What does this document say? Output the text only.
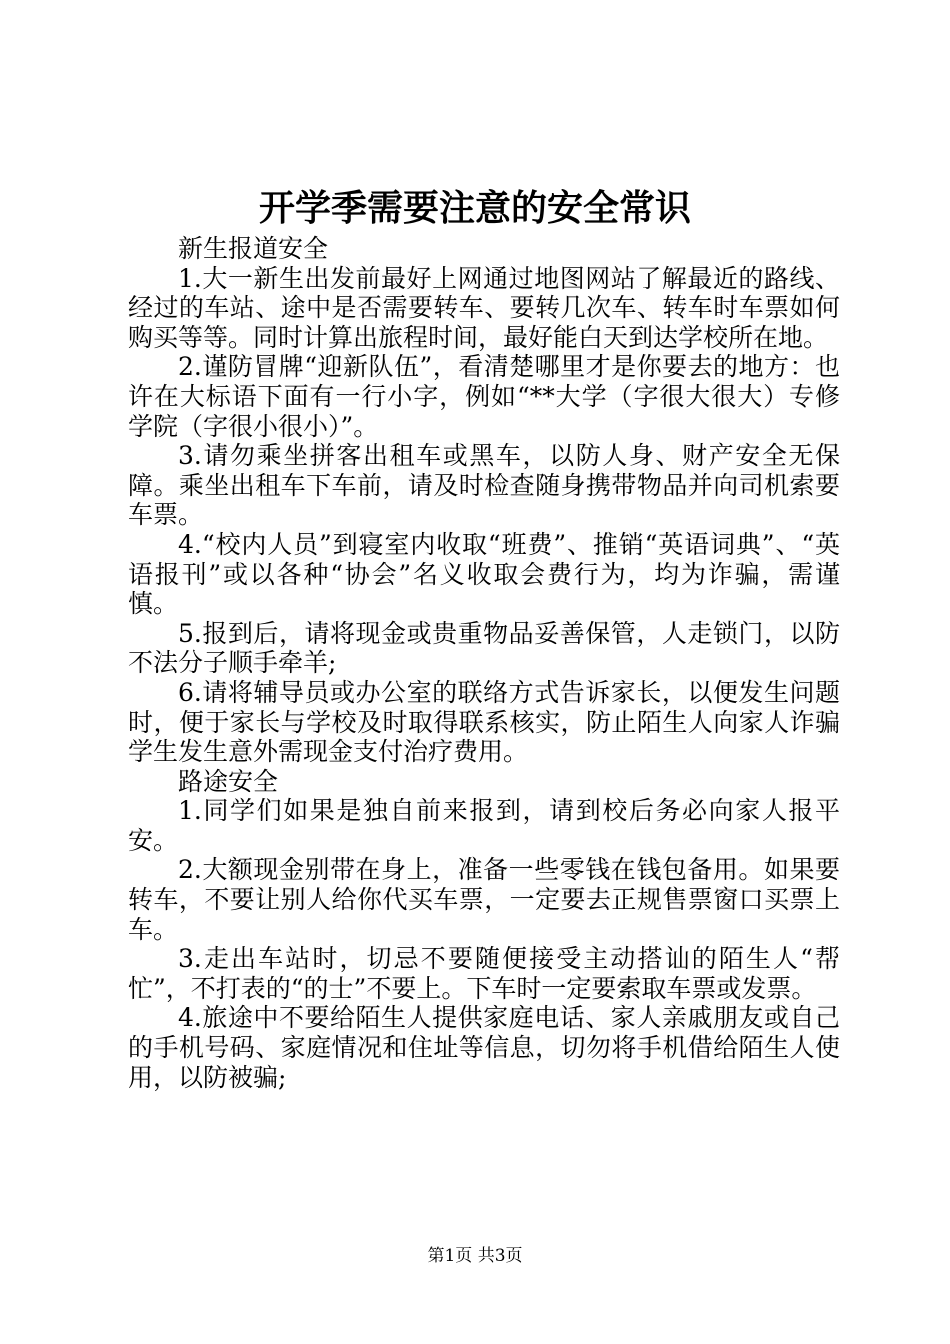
开学季需要注意的安全常识

新生报道安全

1.大一新生出发前最好上网通过地图网站了解最近的路线、经过的车站、途中是否需要转车、要转几次车、转车时车票如何购买等等。同时计算出旅程时间，最好能白天到达学校所在地。

2.谨防冒牌“迎新队伍”，看清楚哪里才是你要去的地方：也许在大标语下面有一行小字，例如“**大学（字很大很大）专修学院（字很小很小）”。

3.请勿乘坐拼客出租车或黑车，以防人身、财产安全无保障。乘坐出租车下车前，请及时检查随身携带物品并向司机索要车票。

4.“校内人员”到寝室内收取“班费”、推销“英语词典”、“英语报刊”或以各种“协会”名义收取会费行为，均为诈骗，需谨慎。

5.报到后，请将现金或贵重物品妥善保管，人走锁门，以防不法分子顺手牵羊;

6.请将辅导员或办公室的联络方式告诉家长，以便发生问题时，便于家长与学校及时取得联系核实，防止陌生人向家人诈骗学生发生意外需现金支付治疗费用。

路途安全

1.同学们如果是独自前来报到，请到校后务必向家人报平安。

2.大额现金别带在身上，准备一些零钱在钱包备用。如果要转车，不要让别人给你代买车票，一定要去正规售票窗口买票上车。

3.走出车站时，切忌不要随便接受主动搭讪的陌生人“帮忙”，不打表的“的士”不要上。下车时一定要索取车票或发票。

4.旅途中不要给陌生人提供家庭电话、家人亲戚朋友或自己的手机号码、家庭情况和住址等信息，切勿将手机借给陌生人使用，以防被骗;

第1页 共3页
